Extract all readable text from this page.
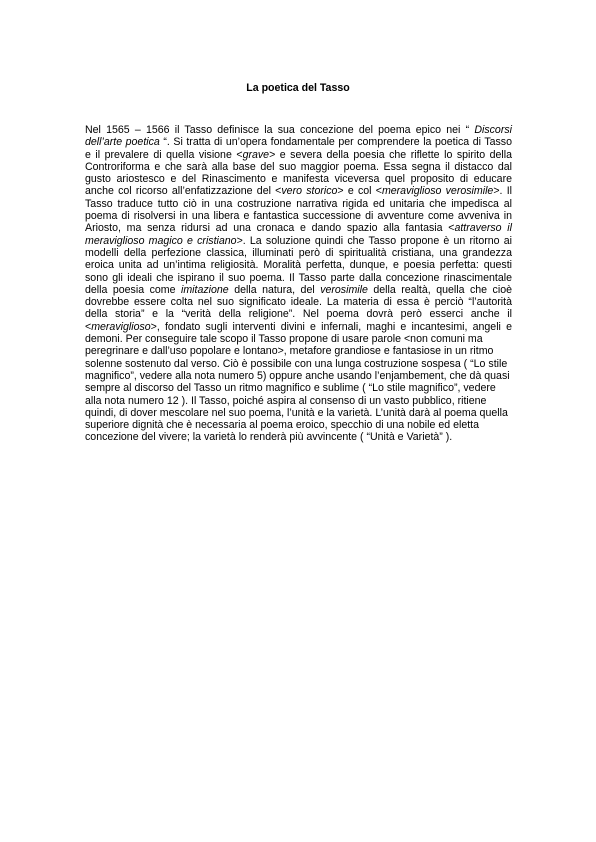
La poetica del Tasso
Nel 1565 – 1566 il Tasso definisce la sua concezione del poema epico nei “ Discorsi
dell’arte poetica “. Si tratta di un’opera fondamentale per comprendere la poetica di Tasso
e il prevalere di quella visione <grave> e severa della poesia che riflette lo spirito della
Controriforma e che sarà alla base del suo maggior poema. Essa segna il distacco dal
gusto ariostesco e del Rinascimento e manifesta viceversa quel proposito di educare
anche col ricorso all’enfatizzazione del <vero storico> e col <meraviglioso verosimile>. Il
Tasso traduce tutto ciò in una costruzione narrativa rigida ed unitaria che impedisca al
poema di risolversi in una libera e fantastica successione di avventure come avveniva in
Ariosto, ma senza ridursi ad una cronaca e dando spazio alla fantasia <attraverso il
meraviglioso magico e cristiano>. La soluzione quindi che Tasso propone è un ritorno ai
modelli della perfezione classica, illuminati però di spiritualità cristiana, una grandezza
eroica unita ad un’intima religiosità. Moralità perfetta, dunque, e poesia perfetta: questi
sono gli ideali che ispirano il suo poema. Il Tasso parte dalla concezione rinascimentale
della poesia come imitazione della natura, del verosimile della realtà, quella che cioè
dovrebbe essere colta nel suo significato ideale. La materia di essa è perciò “l’autorità
della storia” e la “verità della religione”. Nel poema dovrà però esserci anche il
<meraviglioso>, fondato sugli interventi divini e infernali, maghi e incantesimi, angeli e
demoni. Per conseguire tale scopo il Tasso propone di usare parole <non comuni ma
peregrinare e dall’uso popolare e lontano>, metafore grandiose e fantasiose in un ritmo
solenne sostenuto dal verso. Ciò è possibile con una lunga costruzione sospesa ( “Lo stile
magnifico”, vedere alla nota numero 5) oppure anche usando l’enjambement, che dà quasi
sempre al discorso del Tasso un ritmo magnifico e sublime ( “Lo stile magnifico”, vedere
alla nota numero 12 ). Il Tasso, poiché aspira al consenso di un vasto pubblico, ritiene
quindi, di dover mescolare nel suo poema, l’unità e la varietà. L’unità darà al poema quella
superiore dignità che è necessaria al poema eroico, specchio di una nobile ed eletta
concezione del vivere; la varietà lo renderà più avvincente ( “Unità e Varietà” ).
